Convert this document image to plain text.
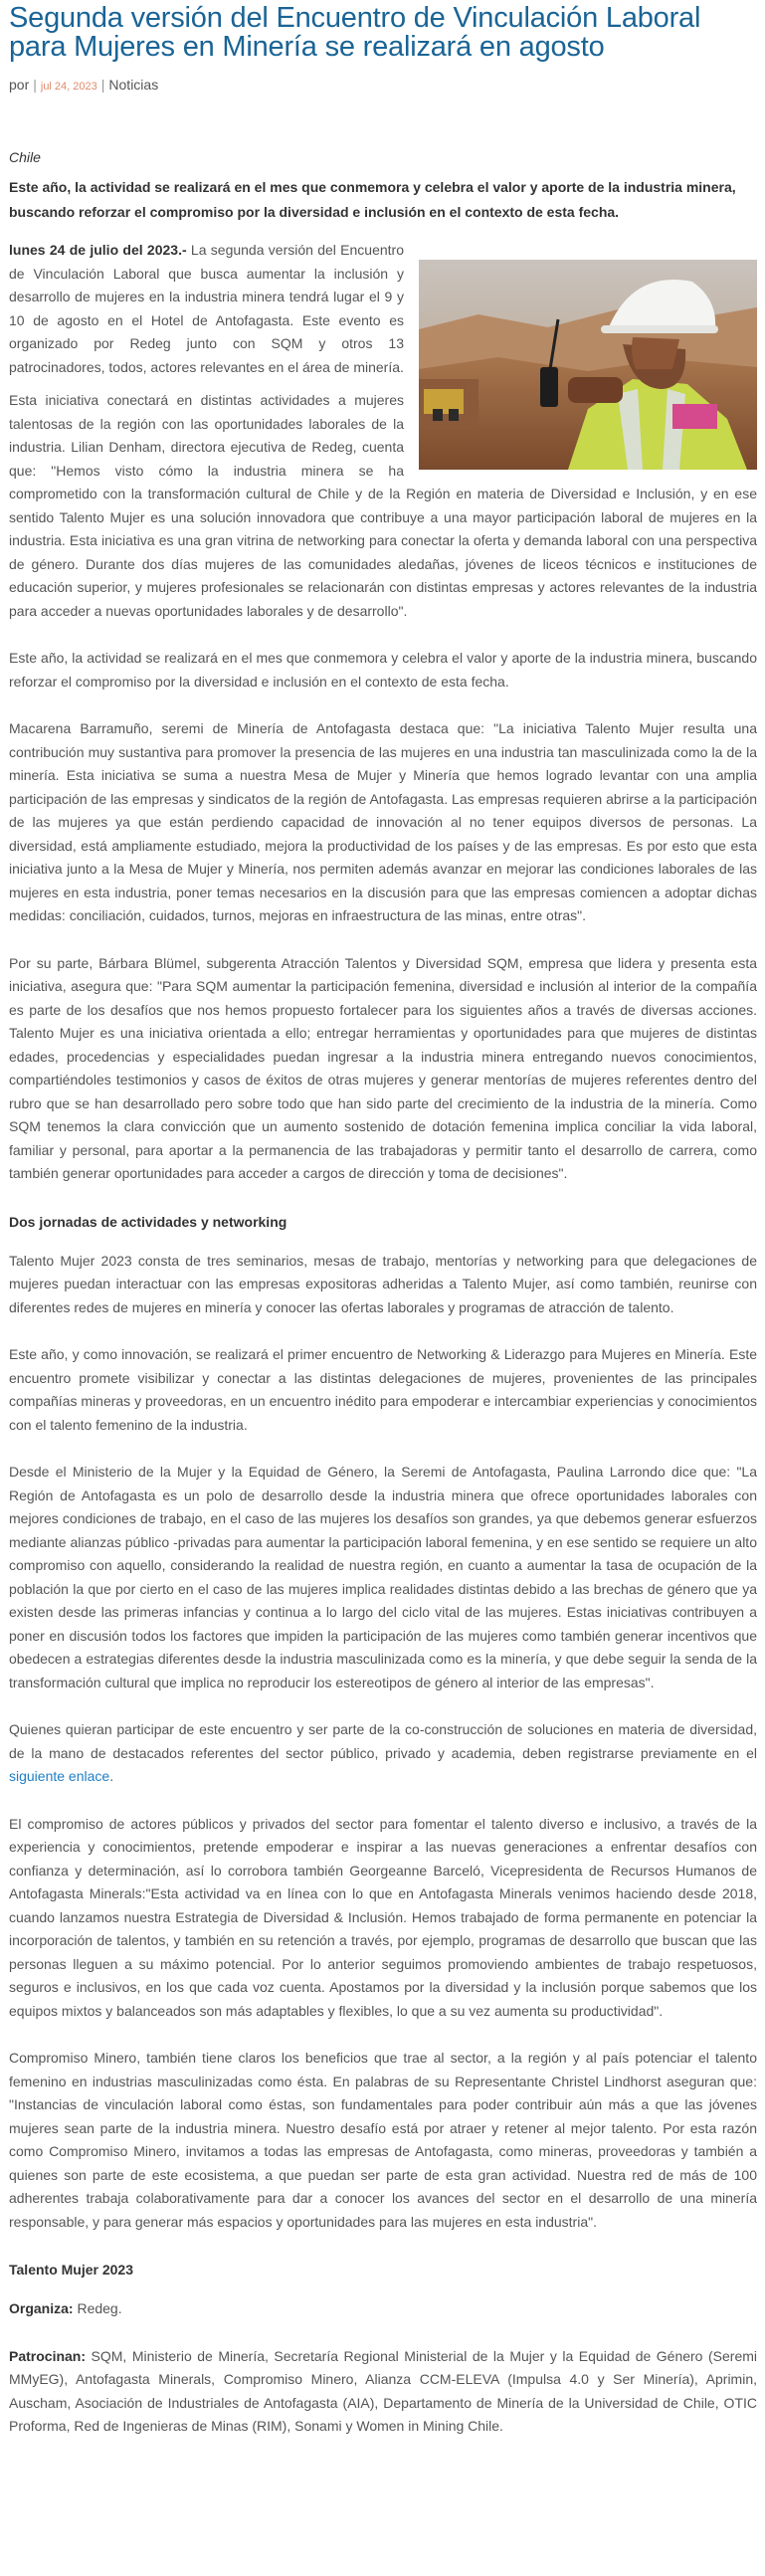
Segunda versión del Encuentro de Vinculación Laboral para Mujeres en Minería se realizará en agosto
por | jul 24, 2023 | Noticias
Chile

Este año, la actividad se realizará en el mes que conmemora y celebra el valor y aporte de la industria minera, buscando reforzar el compromiso por la diversidad e inclusión en el contexto de esta fecha.

lunes 24 de julio del 2023.- La segunda versión del Encuentro de Vinculación Laboral que busca aumentar la inclusión y desarrollo de mujeres en la industria minera tendrá lugar el 9 y 10 de agosto en el Hotel de Antofagasta. Este evento es organizado por Redeg junto con SQM y otros 13 patrocinadores, todos, actores relevantes en el área de minería.

Esta iniciativa conectará en distintas actividades a mujeres talentosas de la región con las oportunidades laborales de la industria. Lilian Denham, directora ejecutiva de Redeg, cuenta que: "Hemos visto cómo la industria minera se ha comprometido con la transformación cultural de Chile y de la Región en materia de Diversidad e Inclusión, y en ese sentido Talento Mujer es una solución innovadora que contribuye a una mayor participación laboral de mujeres en la industria. Esta iniciativa es una gran vitrina de networking para conectar la oferta y demanda laboral con una perspectiva de género. Durante dos días mujeres de las comunidades aledañas, jóvenes de liceos técnicos e instituciones de educación superior, y mujeres profesionales se relacionarán con distintas empresas y actores relevantes de la industria para acceder a nuevas oportunidades laborales y de desarrollo".

Este año, la actividad se realizará en el mes que conmemora y celebra el valor y aporte de la industria minera, buscando reforzar el compromiso por la diversidad e inclusión en el contexto de esta fecha.

Macarena Barramuño, seremi de Minería de Antofagasta destaca que: "La iniciativa Talento Mujer resulta una contribución muy sustantiva para promover la presencia de las mujeres en una industria tan masculinizada como la de la minería. Esta iniciativa se suma a nuestra Mesa de Mujer y Minería que hemos logrado levantar con una amplia participación de las empresas y sindicatos de la región de Antofagasta. Las empresas requieren abrirse a la participación de las mujeres ya que están perdiendo capacidad de innovación al no tener equipos diversos de personas. La diversidad, está ampliamente estudiado, mejora la productividad de los países y de las empresas. Es por esto que esta iniciativa junto a la Mesa de Mujer y Minería, nos permiten además avanzar en mejorar las condiciones laborales de las mujeres en esta industria, poner temas necesarios en la discusión para que las empresas comiencen a adoptar dichas medidas: conciliación, cuidados, turnos, mejoras en infraestructura de las minas, entre otras".

Por su parte, Bárbara Blümel, subgerenta Atracción Talentos y Diversidad SQM, empresa que lidera y presenta esta iniciativa, asegura que: "Para SQM aumentar la participación femenina, diversidad e inclusión al interior de la compañía es parte de los desafíos que nos hemos propuesto fortalecer para los siguientes años a través de diversas acciones. Talento Mujer es una iniciativa orientada a ello; entregar herramientas y oportunidades para que mujeres de distintas edades, procedencias y especialidades puedan ingresar a la industria minera entregando nuevos conocimientos, compartiéndoles testimonios y casos de éxitos de otras mujeres y generar mentorías de mujeres referentes dentro del rubro que se han desarrollado pero sobre todo que han sido parte del crecimiento de la industria de la minería. Como SQM tenemos la clara convicción que un aumento sostenido de dotación femenina implica conciliar la vida laboral, familiar y personal, para aportar a la permanencia de las trabajadoras y permitir tanto el desarrollo de carrera, como también generar oportunidades para acceder a cargos de dirección y toma de decisiones".

Dos jornadas de actividades y networking

Talento Mujer 2023 consta de tres seminarios, mesas de trabajo, mentorías y networking para que delegaciones de mujeres puedan interactuar con las empresas expositoras adheridas a Talento Mujer, así como también, reunirse con diferentes redes de mujeres en minería y conocer las ofertas laborales y programas de atracción de talento.

Este año, y como innovación, se realizará el primer encuentro de Networking & Liderazgo para Mujeres en Minería. Este encuentro promete visibilizar y conectar a las distintas delegaciones de mujeres, provenientes de las principales compañías mineras y proveedoras, en un encuentro inédito para empoderar e intercambiar experiencias y conocimientos con el talento femenino de la industria.

Desde el Ministerio de la Mujer y la Equidad de Género, la Seremi de Antofagasta, Paulina Larrondo dice que: "La Región de Antofagasta es un polo de desarrollo desde la industria minera que ofrece oportunidades laborales con mejores condiciones de trabajo, en el caso de las mujeres los desafíos son grandes, ya que debemos generar esfuerzos mediante alianzas público -privadas para aumentar la participación laboral femenina, y en ese sentido se requiere un alto compromiso con aquello, considerando la realidad de nuestra región, en cuanto a aumentar la tasa de ocupación de la población la que por cierto en el caso de las mujeres implica realidades distintas debido a las brechas de género que ya existen desde las primeras infancias y continua a lo largo del ciclo vital de las mujeres. Estas iniciativas contribuyen a poner en discusión todos los factores que impiden la participación de las mujeres como también generar incentivos que obedecen a estrategias diferentes desde la industria masculinizada como es la minería, y que debe seguir la senda de la transformación cultural que implica no reproducir los estereotipos de género al interior de las empresas".

Quienes quieran participar de este encuentro y ser parte de la co-construcción de soluciones en materia de diversidad, de la mano de destacados referentes del sector público, privado y academia, deben registrarse previamente en el siguiente enlace.

El compromiso de actores públicos y privados del sector para fomentar el talento diverso e inclusivo, a través de la experiencia y conocimientos, pretende empoderar e inspirar a las nuevas generaciones a enfrentar desafíos con confianza y determinación, así lo corrobora también Georgeanne Barceló, Vicepresidenta de Recursos Humanos de Antofagasta Minerals:"Esta actividad va en línea con lo que en Antofagasta Minerals venimos haciendo desde 2018, cuando lanzamos nuestra Estrategia de Diversidad & Inclusión. Hemos trabajado de forma permanente en potenciar la incorporación de talentos, y también en su retención a través, por ejemplo, programas de desarrollo que buscan que las personas lleguen a su máximo potencial. Por lo anterior seguimos promoviendo ambientes de trabajo respetuosos, seguros e inclusivos, en los que cada voz cuenta. Apostamos por la diversidad y la inclusión porque sabemos que los equipos mixtos y balanceados son más adaptables y flexibles, lo que a su vez aumenta su productividad".

Compromiso Minero, también tiene claros los beneficios que trae al sector, a la región y al país potenciar el talento femenino en industrias masculinizadas como ésta. En palabras de su Representante Christel Lindhorst aseguran que: "Instancias de vinculación laboral como éstas, son fundamentales para poder contribuir aún más a que las jóvenes mujeres sean parte de la industria minera. Nuestro desafío está por atraer y retener al mejor talento. Por esta razón como Compromiso Minero, invitamos a todas las empresas de Antofagasta, como mineras, proveedoras y también a quienes son parte de este ecosistema, a que puedan ser parte de esta gran actividad. Nuestra red de más de 100 adherentes trabaja colaborativamente para dar a conocer los avances del sector en el desarrollo de una minería responsable, y para generar más espacios y oportunidades para las mujeres en esta industria".

Talento Mujer 2023

Organiza: Redeg.

Patrocinan: SQM, Ministerio de Minería, Secretaría Regional Ministerial de la Mujer y la Equidad de Género (Seremi MMyEG), Antofagasta Minerals, Compromiso Minero, Alianza CCM-ELEVA (Impulsa 4.0 y Ser Minería), Aprimin, Auscham, Asociación de Industriales de Antofagasta (AIA), Departamento de Minería de la Universidad de Chile, OTIC Proforma, Red de Ingenieras de Minas (RIM), Sonami y Women in Mining Chile.
